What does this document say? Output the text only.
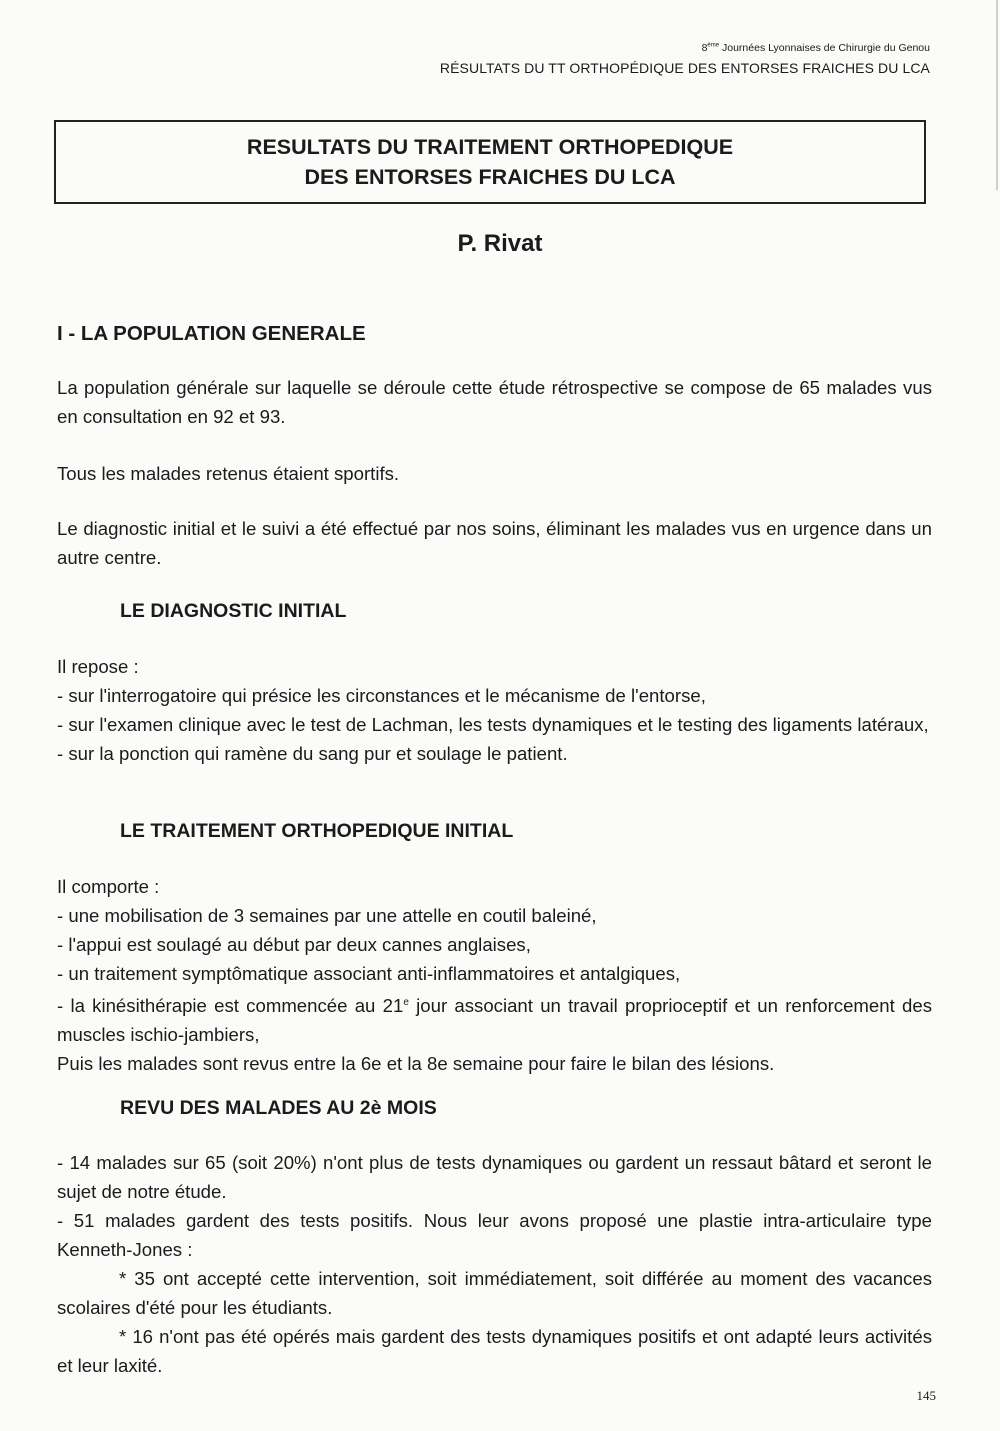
8ème Journées Lyonnaises de Chirurgie du Genou
RÉSULTATS DU TT ORTHOPÉDIQUE DES ENTORSES FRAICHES DU LCA
RESULTATS DU TRAITEMENT ORTHOPEDIQUE
DES ENTORSES FRAICHES DU LCA
P. Rivat
I - LA POPULATION GENERALE
La population générale sur laquelle se déroule cette étude rétrospective se compose de 65 malades vus en consultation en 92 et 93.
Tous les malades retenus étaient sportifs.
Le diagnostic initial et le suivi a été effectué par nos soins, éliminant les malades vus en urgence dans un autre centre.
LE DIAGNOSTIC INITIAL
Il repose :
- sur l'interrogatoire qui présice les circonstances et le mécanisme de l'entorse,
- sur l'examen clinique avec le test de Lachman, les tests dynamiques et le testing des ligaments latéraux,
- sur la ponction qui ramène du sang pur et soulage le patient.
LE TRAITEMENT ORTHOPEDIQUE INITIAL
Il comporte :
- une mobilisation de 3 semaines par une attelle en coutil baleiné,
- l'appui est soulagé au début par deux cannes anglaises,
- un traitement symptômatique associant anti-inflammatoires et antalgiques,
- la kinésithérapie est commencée au 21e jour associant un travail proprioceptif et un renforcement des muscles ischio-jambiers,
Puis les malades sont revus entre la 6e et la 8e semaine pour faire le bilan des lésions.
REVU DES MALADES AU 2è MOIS
- 14 malades sur 65 (soit 20%) n'ont plus de tests dynamiques ou gardent un ressaut bâtard et seront le sujet de notre étude.
- 51 malades gardent des tests positifs. Nous leur avons proposé une plastie intra-articulaire type Kenneth-Jones :
* 35 ont accepté cette intervention, soit immédiatement, soit différée au moment des vacances scolaires d'été pour les étudiants.
* 16 n'ont pas été opérés mais gardent des tests dynamiques positifs et ont adapté leurs activités et leur laxité.
145
